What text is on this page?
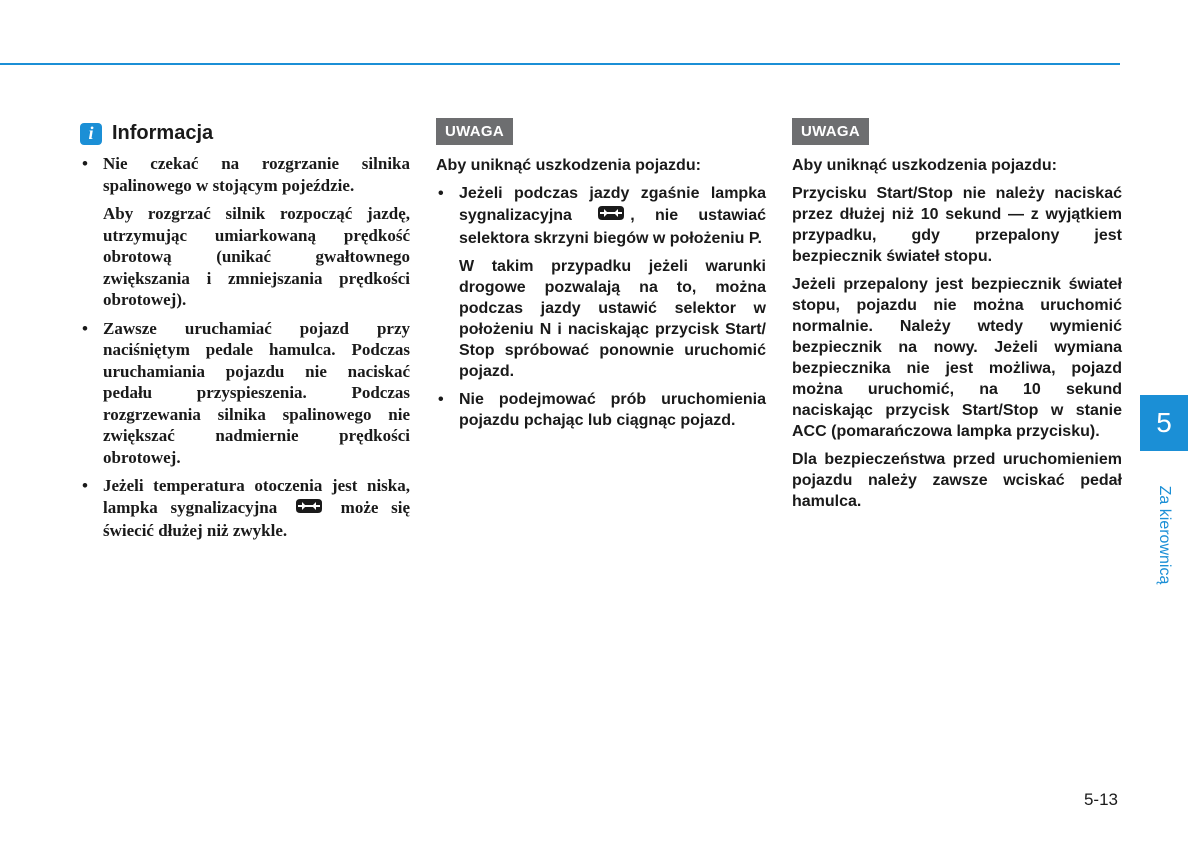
i Informacja
• Nie czekać na rozgrzanie silnika spalinowego w stojącym pojeździe.
Aby rozgrzać silnik rozpocząć jazdę, utrzymując umiarkowaną prędkość obrotową (unikać gwałtownego zwiększania i zmniejszania prędkości obrotowej).
• Zawsze uruchamiać pojazd przy naciśniętym pedale hamulca. Podczas uruchamiania pojazdu nie naciskać pedału przyspieszenia. Podczas rozgrzewania silnika spalinowego nie zwiększać nadmiernie prędkości obrotowej.
• Jeżeli temperatura otoczenia jest niska, lampka sygnalizacyjna	może się świecić dłużej niż zwykle.
UWAGA
Aby uniknąć uszkodzenia pojazdu:
• Jeżeli podczas jazdy zgaśnie lampka sygnalizacyjna	, nie ustawiać selektora skrzyni biegów w położeniu P.
W takim przypadku jeżeli warunki drogowe pozwalają na to, można podczas jazdy ustawić selektor w położeniu N i naciskając przycisk Start/ Stop spróbować ponownie uruchomić pojazd.
• Nie podejmować prób uruchomienia pojazdu pchając lub ciągnąc pojazd.
UWAGA
Aby uniknąć uszkodzenia pojazdu:

Przycisku Start/Stop nie należy naciskać przez dłużej niż 10 sekund — z wyjątkiem przypadku, gdy przepalony jest bezpiecznik świateł stopu.

Jeżeli przepalony jest bezpiecznik świateł stopu, pojazdu nie można uruchomić normalnie. Należy wtedy wymienić bezpiecznik na nowy. Jeżeli wymiana bezpiecznika nie jest możliwa, pojazd można uruchomić, na 10 sekund naciskając przycisk Start/Stop w stanie ACC (pomarańczowa lampka przycisku).

Dla bezpieczeństwa przed uruchomieniem pojazdu należy zawsze wciskać pedał hamulca.

5
Za kierownicą
5-13
